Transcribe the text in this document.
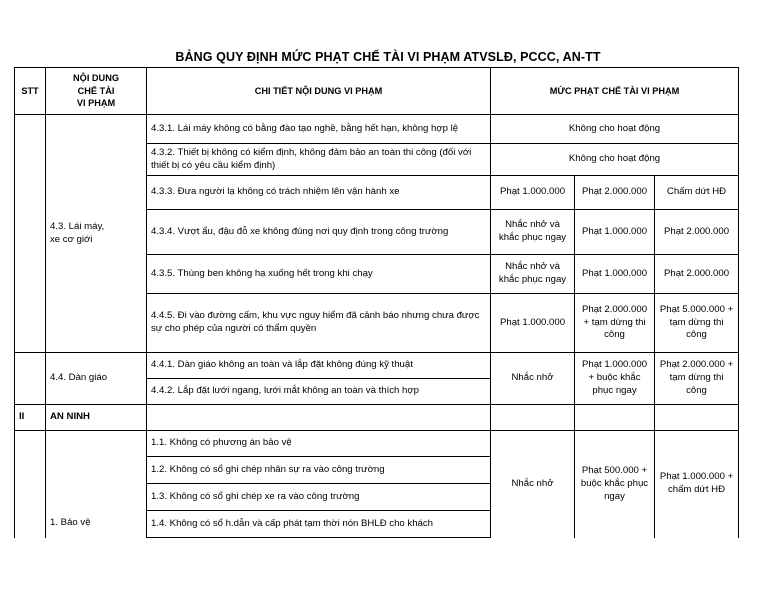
BẢNG QUY ĐỊNH MỨC PHẠT CHẾ TÀI VI PHẠM ATVSLĐ, PCCC, AN-TT
STT	NỘI DUNG
CHẾ TÀI
VI PHẠM	CHI TIẾT NỘI DUNG VI PHẠM	MỨC PHẠT CHẾ TÀI VI PHẠM		
	4.3. Lái máy,
xe cơ giới	4.3.1. Lái máy không có bằng đào tạo nghề, bằng hết hạn, không hợp lệ	Không cho hoạt động		
		4.3.2. Thiết bị không có kiểm định, không đảm bảo an toàn thi công (đối với thiết bị có yêu cầu kiểm định)	Không cho hoạt động		
		4.3.3. Đưa người lạ không có trách nhiệm lên vận hành xe	Phạt 1.000.000	Phạt 2.000.000	Chấm dứt HĐ
		4.3.4. Vượt ẩu, đậu đỗ xe không đúng nơi quy định trong công trường	Nhắc nhở và khắc phục ngay	Phạt 1.000.000	Phạt 2.000.000
		4.3.5. Thùng ben không hạ xuống hết trong khi chạy	Nhắc nhở và khắc phục ngay	Phạt 1.000.000	Phạt 2.000.000
		4.4.5. Đi vào đường cấm, khu vực nguy hiểm đã cảnh báo nhưng chưa được sự cho phép của người có thẩm quyền	Phạt 1.000.000	Phạt 2.000.000 + tạm dừng thi công	Phạt 5.000.000 + tạm dừng thi công
	4.4. Dàn giáo	4.4.1. Dàn giáo không an toàn và lắp đặt không đúng kỹ thuật	Nhắc nhở	Phạt 1.000.000 + buộc khắc phục ngay	Phạt 2.000.000 + tạm dừng thi công
		4.4.2. Lắp đặt lưới ngang, lưới mắt không an toàn và thích hợp			
II	AN NINH				
	1. Bảo vệ	1.1. Không có phương án bảo vệ	Nhắc nhở	Phạt 500.000 + buộc khắc phục ngay	Phạt 1.000.000 + chấm dứt HĐ
		1.2. Không có sổ ghi chép nhân sự ra vào công trường			
		1.3. Không có sổ ghi chép xe ra vào công trường			
		1.4. Không có sổ h.dẫn và cấp phát tạm thời nón BHLĐ cho khách			
